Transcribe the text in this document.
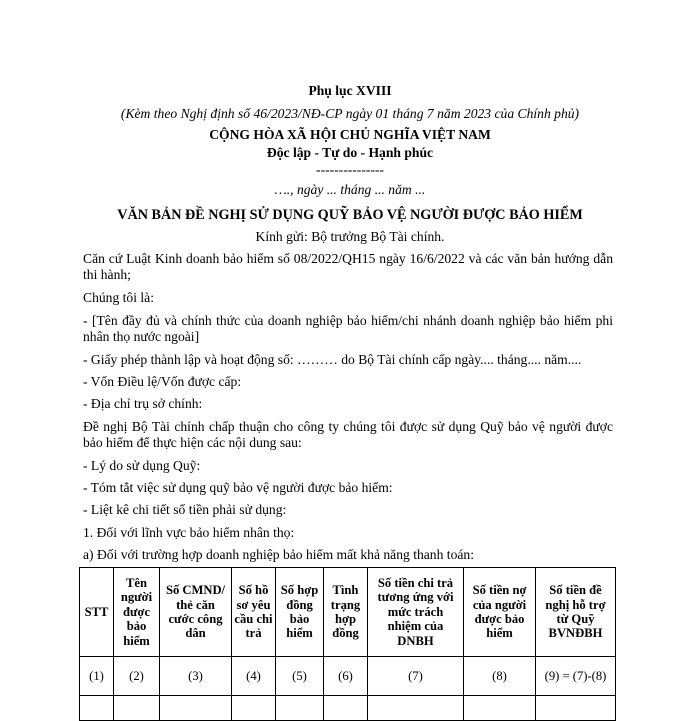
Phụ lục XVIII
(Kèm theo Nghị định số 46/2023/NĐ-CP ngày 01 tháng 7 năm 2023 của Chính phủ)
CỘNG HÒA XÃ HỘI CHỦ NGHĨA VIỆT NAM
Độc lập - Tự do - Hạnh phúc
---------------
…., ngày ... tháng ... năm ...
VĂN BẢN ĐỀ NGHỊ SỬ DỤNG QUỸ BẢO VỆ NGƯỜI ĐƯỢC BẢO HIỂM
Kính gửi: Bộ trưởng Bộ Tài chính.
Căn cứ Luật Kinh doanh bảo hiểm số 08/2022/QH15 ngày 16/6/2022 và các văn bản hướng dẫn thi hành;
Chúng tôi là:
- [Tên đầy đủ và chính thức của doanh nghiệp bảo hiểm/chi nhánh doanh nghiệp bảo hiểm phi nhân thọ nước ngoài]
- Giấy phép thành lập và hoạt động số: ……… do Bộ Tài chính cấp ngày.... tháng.... năm....
- Vốn Điều lệ/Vốn được cấp:
- Địa chỉ trụ sở chính:
Đề nghị Bộ Tài chính chấp thuận cho công ty chúng tôi được sử dụng Quỹ bảo vệ người được bảo hiểm để thực hiện các nội dung sau:
- Lý do sử dụng Quỹ:
- Tóm tắt việc sử dụng quỹ bảo vệ người được bảo hiểm:
- Liệt kê chi tiết số tiền phải sử dụng:
1. Đối với lĩnh vực bảo hiểm nhân thọ:
a) Đối với trường hợp doanh nghiệp bảo hiểm mất khả năng thanh toán:
STT	Tên người được bảo hiểm	Số CMND/ thẻ căn cước công dân	Số hồ sơ yêu cầu chi trả	Số hợp đồng bảo hiểm	Tình trạng hợp đồng	Số tiền chi trả tương ứng với mức trách nhiệm của DNBH	Số tiền nợ của người được bảo hiểm	Số tiền đề nghị hỗ trợ từ Quỹ BVNĐBH
(1)	(2)	(3)	(4)	(5)	(6)	(7)	(8)	(9) = (7)-(8)
